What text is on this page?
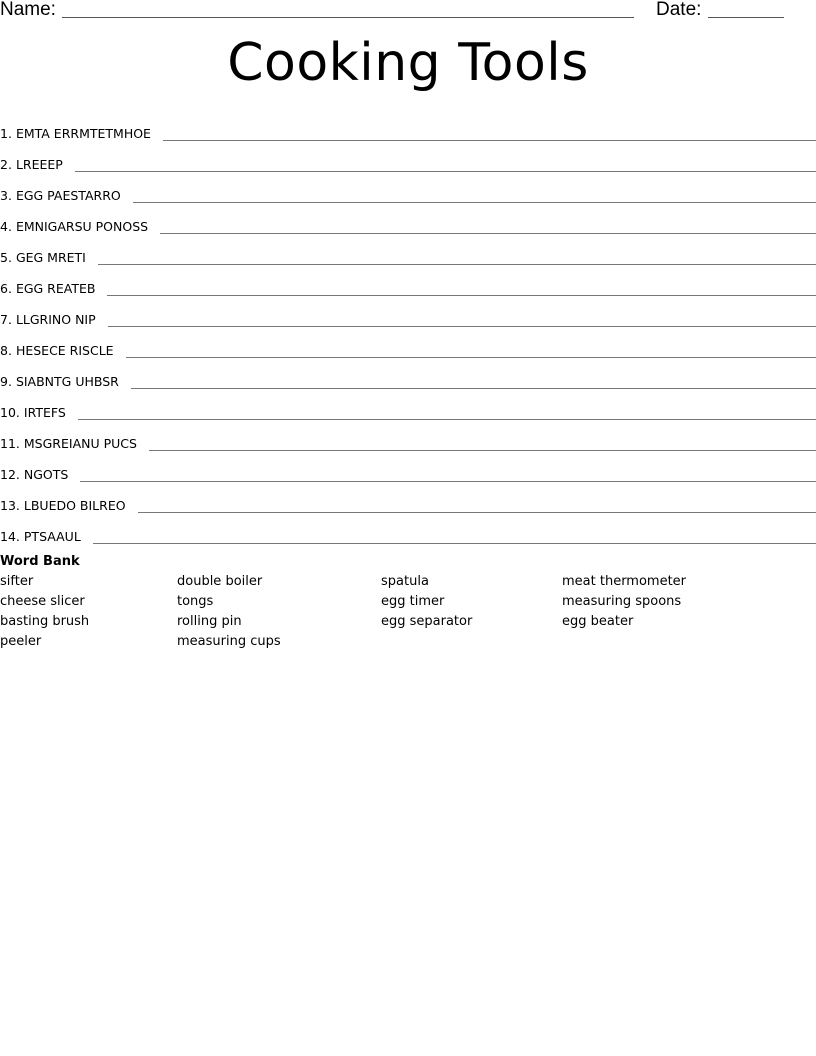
Name:	Date:
Cooking Tools
1. EMTA ERRMTETMHOE
2. LREEEP
3. EGG PAESTARRO
4. EMNIGARSU PONOSS
5. GEG MRETI
6. EGG REATEB
7. LLGRINO NIP
8. HESECE RISCLE
9. SIABNTG UHBSR
10. IRTEFS
11. MSGREIANU PUCS
12. NGOTS
13. LBUEDO BILREO
14. PTSAAUL
Word Bank
sifter
cheese slicer
basting brush
peeler
double boiler
tongs
rolling pin
measuring cups
spatula
egg timer
egg separator
meat thermometer
measuring spoons
egg beater
